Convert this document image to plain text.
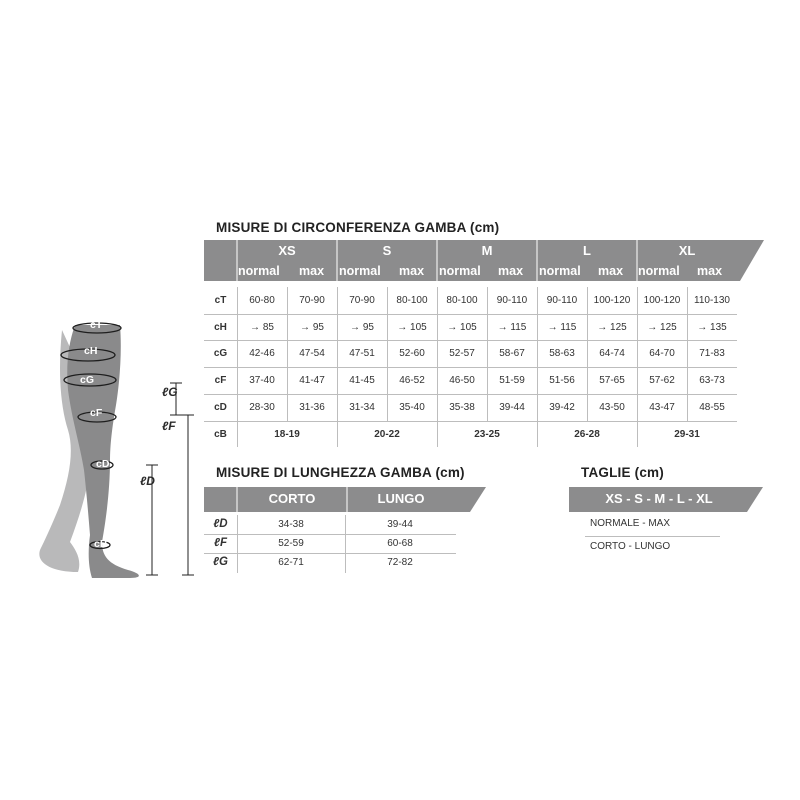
cT
cH
cG
cF
cD
cB
ℓG
ℓF
ℓD
MISURE DI CIRCONFERENZA GAMBA (cm)
XS	S	M	L	XL
normal max normal max normal max normal max normal max
cT	60-80	70-90	70-90	80-100	80-100	90-110	90-110	100-120	100-120	110-130
cH	→ 85	→ 95	→ 95	→ 105	→ 105	→ 115	→ 115	→ 125	→ 125	→ 135
cG	42-46	47-54	47-51	52-60	52-57	58-67	58-63	64-74	64-70	71-83
cF	37-40	41-47	41-45	46-52	46-50	51-59	51-56	57-65	57-62	63-73
cD	28-30	31-36	31-34	35-40	35-38	39-44	39-42	43-50	43-47	48-55
cB	18-19	20-22	23-25	26-28	29-31
MISURE DI LUNGHEZZA GAMBA (cm)
CORTO	LUNGO
ℓD	34-38	39-44
ℓF	52-59	60-68
ℓG	62-71	72-82
TAGLIE (cm)
XS - S - M - L - XL
NORMALE - MAX
CORTO - LUNGO
